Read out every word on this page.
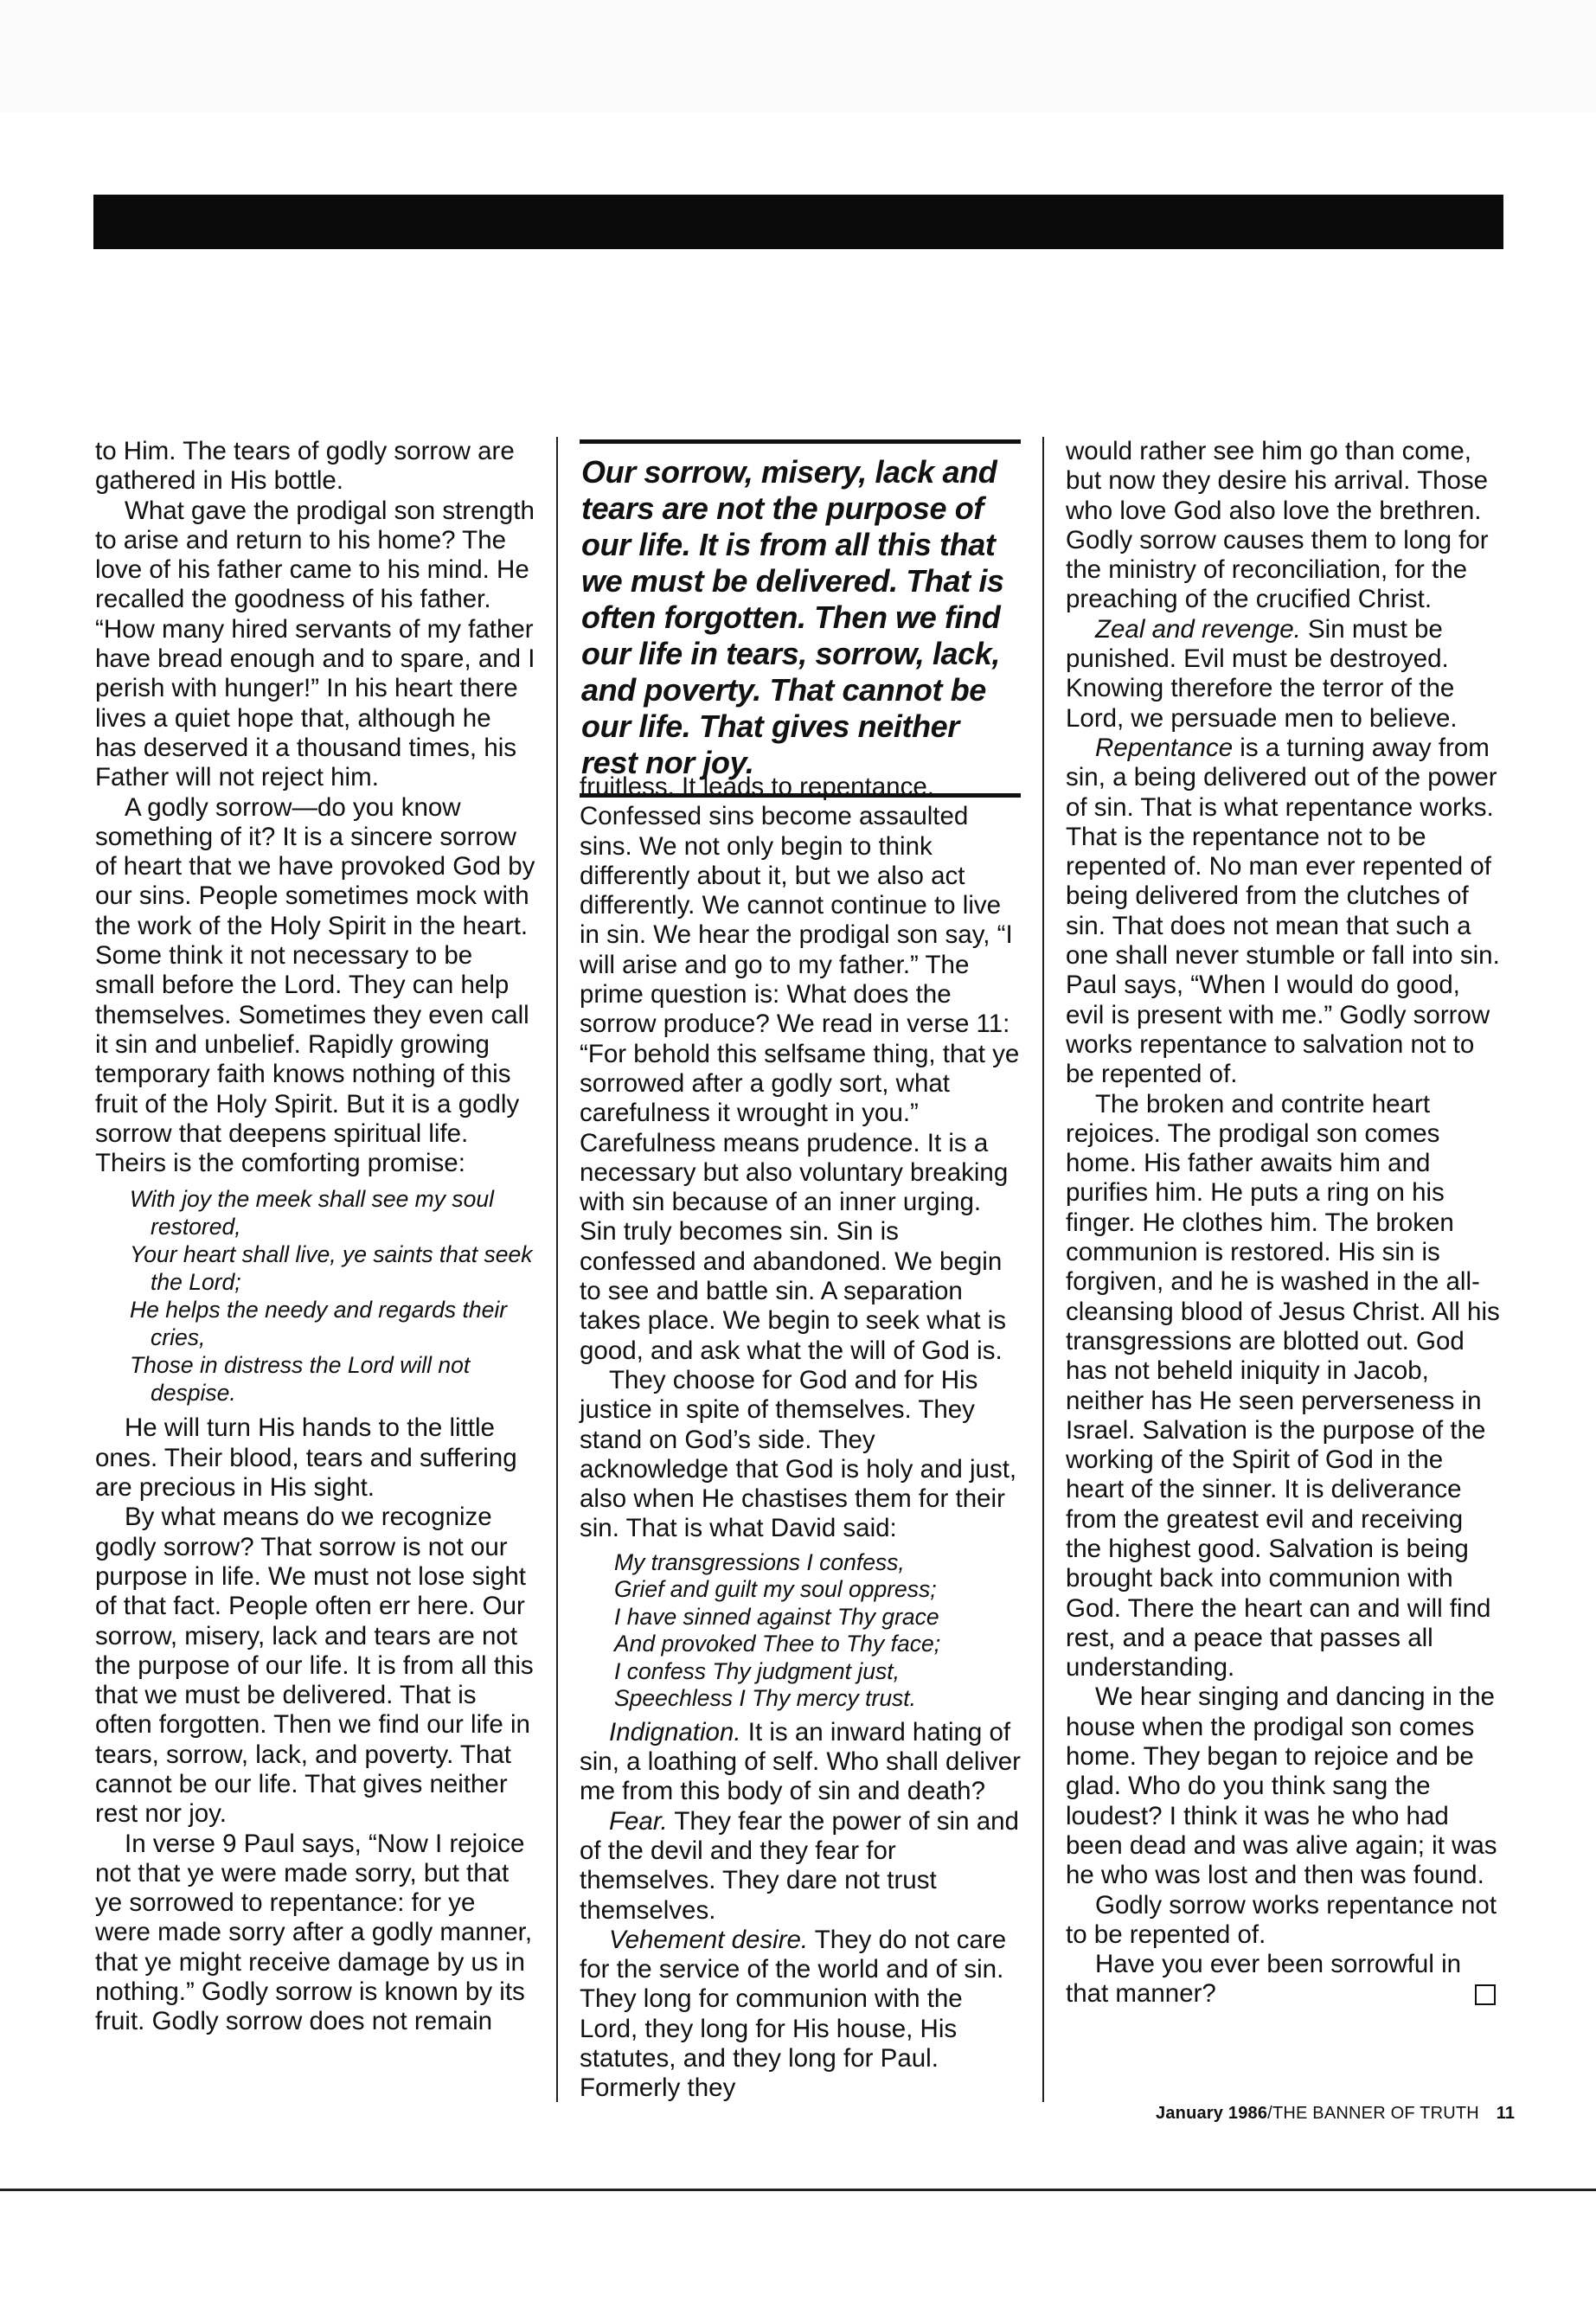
to Him. The tears of godly sorrow are gathered in His bottle.

What gave the prodigal son strength to arise and return to his home? The love of his father came to his mind. He recalled the goodness of his father. “How many hired servants of my father have bread enough and to spare, and I perish with hunger!” In his heart there lives a quiet hope that, although he has deserved it a thousand times, his Father will not reject him.

A godly sorrow—do you know something of it? It is a sincere sorrow of heart that we have provoked God by our sins. People sometimes mock with the work of the Holy Spirit in the heart. Some think it not necessary to be small before the Lord. They can help themselves. Sometimes they even call it sin and unbelief. Rapidly growing temporary faith knows nothing of this fruit of the Holy Spirit. But it is a godly sorrow that deepens spiritual life. Theirs is the comforting promise:

With joy the meek shall see my soul restored,
Your heart shall live, ye saints that seek the Lord;
He helps the needy and regards their cries,
Those in distress the Lord will not despise.

He will turn His hands to the little ones. Their blood, tears and suffering are precious in His sight.

By what means do we recognize godly sorrow? That sorrow is not our purpose in life. We must not lose sight of that fact. People often err here. Our sorrow, misery, lack and tears are not the purpose of our life. It is from all this that we must be delivered. That is often forgotten. Then we find our life in tears, sorrow, lack, and poverty. That cannot be our life. That gives neither rest nor joy.

In verse 9 Paul says, “Now I rejoice not that ye were made sorry, but that ye sorrowed to repentance: for ye were made sorry after a godly manner, that ye might receive damage by us in nothing.” Godly sorrow is known by its fruit. Godly sorrow does not remain

Our sorrow, misery, lack and tears are not the purpose of our life. It is from all this that we must be delivered. That is often forgotten. Then we find our life in tears, sorrow, lack, and poverty. That cannot be our life. That gives neither rest nor joy.

fruitless. It leads to repentance. Confessed sins become assaulted sins. We not only begin to think differently about it, but we also act differently. We cannot continue to live in sin. We hear the prodigal son say, “I will arise and go to my father.” The prime question is: What does the sorrow produce? We read in verse 11: “For behold this selfsame thing, that ye sorrowed after a godly sort, what carefulness it wrought in you.” Carefulness means prudence. It is a necessary but also voluntary breaking with sin because of an inner urging. Sin truly becomes sin. Sin is confessed and abandoned. We begin to see and battle sin. A separation takes place. We begin to seek what is good, and ask what the will of God is.

They choose for God and for His justice in spite of themselves. They stand on God’s side. They acknowledge that God is holy and just, also when He chastises them for their sin. That is what David said:

My transgressions I confess,
Grief and guilt my soul oppress;
I have sinned against Thy grace
And provoked Thee to Thy face;
I confess Thy judgment just,
Speechless I Thy mercy trust.

Indignation. It is an inward hating of sin, a loathing of self. Who shall deliver me from this body of sin and death?

Fear. They fear the power of sin and of the devil and they fear for themselves. They dare not trust themselves.

Vehement desire. They do not care for the service of the world and of sin. They long for communion with the Lord, they long for His house, His statutes, and they long for Paul. Formerly they

would rather see him go than come, but now they desire his arrival. Those who love God also love the brethren. Godly sorrow causes them to long for the ministry of reconciliation, for the preaching of the crucified Christ.

Zeal and revenge. Sin must be punished. Evil must be destroyed. Knowing therefore the terror of the Lord, we persuade men to believe.

Repentance is a turning away from sin, a being delivered out of the power of sin. That is what repentance works. That is the repentance not to be repented of. No man ever repented of being delivered from the clutches of sin. That does not mean that such a one shall never stumble or fall into sin. Paul says, “When I would do good, evil is present with me.” Godly sorrow works repentance to salvation not to be repented of.

The broken and contrite heart rejoices. The prodigal son comes home. His father awaits him and purifies him. He puts a ring on his finger. He clothes him. The broken communion is restored. His sin is forgiven, and he is washed in the all-cleansing blood of Jesus Christ. All his transgressions are blotted out. God has not beheld iniquity in Jacob, neither has He seen perverseness in Israel. Salvation is the purpose of the working of the Spirit of God in the heart of the sinner. It is deliverance from the greatest evil and receiving the highest good. Salvation is being brought back into communion with God. There the heart can and will find rest, and a peace that passes all understanding.

We hear singing and dancing in the house when the prodigal son comes home. They began to rejoice and be glad. Who do you think sang the loudest? I think it was he who had been dead and was alive again; it was he who was lost and then was found.

Godly sorrow works repentance not to be repented of.

Have you ever been sorrowful in that manner?

January 1986/THE BANNER OF TRUTH 11
